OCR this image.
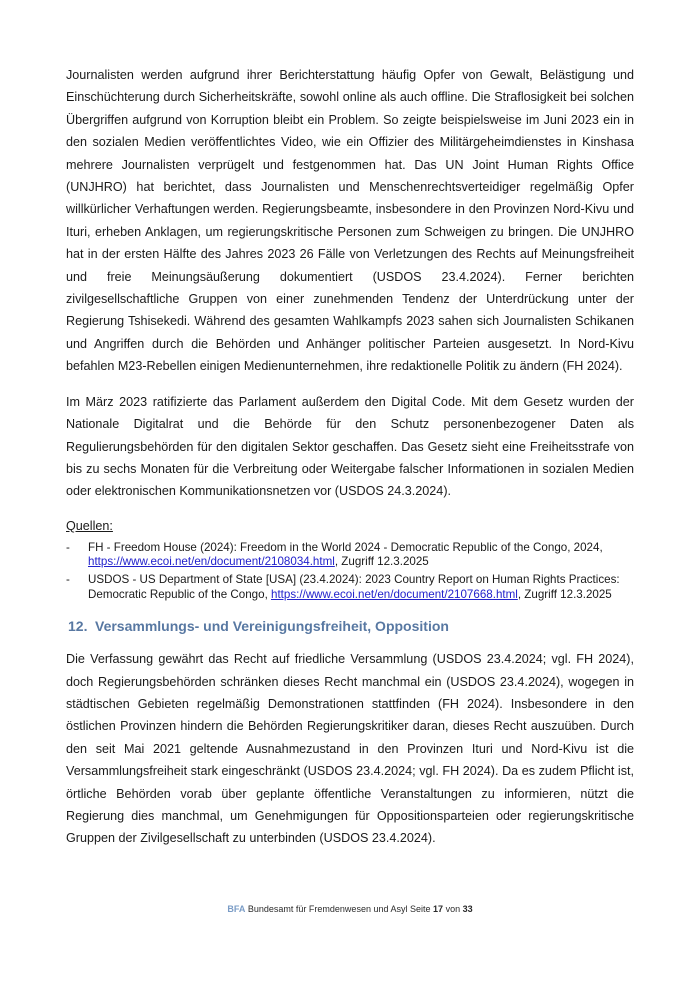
Journalisten werden aufgrund ihrer Berichterstattung häufig Opfer von Gewalt, Belästigung und Einschüchterung durch Sicherheitskräfte, sowohl online als auch offline. Die Straflosigkeit bei solchen Übergriffen aufgrund von Korruption bleibt ein Problem. So zeigte beispielsweise im Juni 2023 ein in den sozialen Medien veröffentlichtes Video, wie ein Offizier des Militärgeheimdienstes in Kinshasa mehrere Journalisten verprügelt und festgenommen hat. Das UN Joint Human Rights Office (UNJHRO) hat berichtet, dass Journalisten und Menschenrechtsverteidiger regelmäßig Opfer willkürlicher Verhaftungen werden. Regierungsbeamte, insbesondere in den Provinzen Nord-Kivu und Ituri, erheben Anklagen, um regierungskritische Personen zum Schweigen zu bringen. Die UNJHRO hat in der ersten Hälfte des Jahres 2023 26 Fälle von Verletzungen des Rechts auf Meinungsfreiheit und freie Meinungsäußerung dokumentiert (USDOS 23.4.2024). Ferner berichten zivilgesellschaftliche Gruppen von einer zunehmenden Tendenz der Unterdrückung unter der Regierung Tshisekedi. Während des gesamten Wahlkampfs 2023 sahen sich Journalisten Schikanen und Angriffen durch die Behörden und Anhänger politischer Parteien ausgesetzt. In Nord-Kivu befahlen M23-Rebellen einigen Medienunternehmen, ihre redaktionelle Politik zu ändern (FH 2024).

Im März 2023 ratifizierte das Parlament außerdem den Digital Code. Mit dem Gesetz wurden der Nationale Digitalrat und die Behörde für den Schutz personenbezogener Daten als Regulierungsbehörden für den digitalen Sektor geschaffen. Das Gesetz sieht eine Freiheitsstrafe von bis zu sechs Monaten für die Verbreitung oder Weitergabe falscher Informationen in sozialen Medien oder elektronischen Kommunikationsnetzen vor (USDOS 24.3.2024).

Quellen:

- FH - Freedom House (2024): Freedom in the World 2024 - Democratic Republic of the Congo, 2024, https://www.ecoi.net/en/document/2108034.html, Zugriff 12.3.2025
- USDOS - US Department of State [USA] (23.4.2024): 2023 Country Report on Human Rights Practices: Democratic Republic of the Congo, https://www.ecoi.net/en/document/2107668.html, Zugriff 12.3.2025
12. Versammlungs- und Vereinigungsfreiheit, Opposition

Die Verfassung gewährt das Recht auf friedliche Versammlung (USDOS 23.4.2024; vgl. FH 2024), doch Regierungsbehörden schränken dieses Recht manchmal ein (USDOS 23.4.2024), wogegen in städtischen Gebieten regelmäßig Demonstrationen stattfinden (FH 2024). Insbesondere in den östlichen Provinzen hindern die Behörden Regierungskritiker daran, dieses Recht auszuüben. Durch den seit Mai 2021 geltende Ausnahmezustand in den Provinzen Ituri und Nord-Kivu ist die Versammlungsfreiheit stark eingeschränkt (USDOS 23.4.2024; vgl. FH 2024). Da es zudem Pflicht ist, örtliche Behörden vorab über geplante öffentliche Veranstaltungen zu informieren, nützt die Regierung dies manchmal, um Genehmigungen für Oppositionsparteien oder regierungskritische Gruppen der Zivilgesellschaft zu unterbinden (USDOS 23.4.2024).

BFA Bundesamt für Fremdenwesen und Asyl Seite 17 von 33
